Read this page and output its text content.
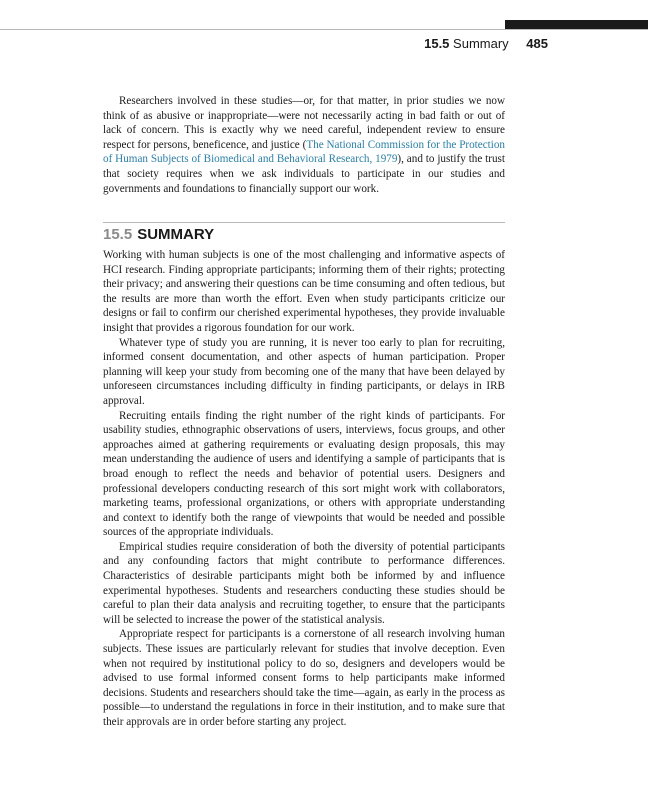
15.5 Summary 485

Researchers involved in these studies—or, for that matter, in prior studies we now think of as abusive or inappropriate—were not necessarily acting in bad faith or out of lack of concern. This is exactly why we need careful, independent review to ensure respect for persons, beneficence, and justice (The National Commission for the Protection of Human Subjects of Biomedical and Behavioral Research, 1979), and to justify the trust that society requires when we ask individuals to participate in our studies and governments and foundations to financially support our work.

15.5 SUMMARY

Working with human subjects is one of the most challenging and informative aspects of HCI research. Finding appropriate participants; informing them of their rights; protecting their privacy; and answering their questions can be time consuming and often tedious, but the results are more than worth the effort. Even when study participants criticize our designs or fail to confirm our cherished experimental hypotheses, they provide invaluable insight that provides a rigorous foundation for our work.

Whatever type of study you are running, it is never too early to plan for recruiting, informed consent documentation, and other aspects of human participation. Proper planning will keep your study from becoming one of the many that have been delayed by unforeseen circumstances including difficulty in finding participants, or delays in IRB approval.

Recruiting entails finding the right number of the right kinds of participants. For usability studies, ethnographic observations of users, interviews, focus groups, and other approaches aimed at gathering requirements or evaluating design proposals, this may mean understanding the audience of users and identifying a sample of participants that is broad enough to reflect the needs and behavior of potential users. Designers and professional developers conducting research of this sort might work with collaborators, marketing teams, professional organizations, or others with appropriate understanding and context to identify both the range of viewpoints that would be needed and possible sources of the appropriate individuals.

Empirical studies require consideration of both the diversity of potential participants and any confounding factors that might contribute to performance differences. Characteristics of desirable participants might both be informed by and influence experimental hypotheses. Students and researchers conducting these studies should be careful to plan their data analysis and recruiting together, to ensure that the participants will be selected to increase the power of the statistical analysis.

Appropriate respect for participants is a cornerstone of all research involving human subjects. These issues are particularly relevant for studies that involve deception. Even when not required by institutional policy to do so, designers and developers would be advised to use formal informed consent forms to help participants make informed decisions. Students and researchers should take the time—again, as early in the process as possible—to understand the regulations in force in their institution, and to make sure that their approvals are in order before starting any project.
